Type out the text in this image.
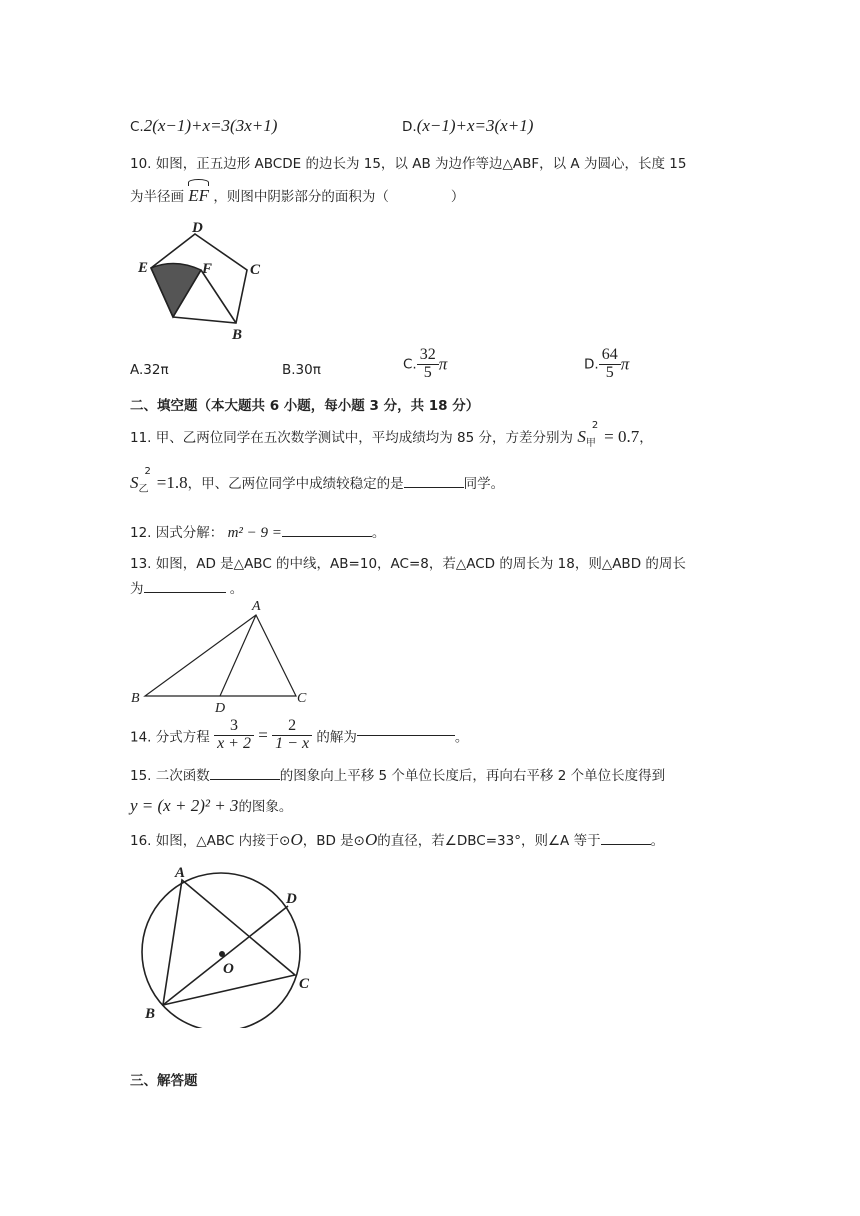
C.2(x−1)+x=3(3x+1)	D.(x−1)+x=3(x+1)
10. 如图，正五边形 ABCDE 的边长为 15，以 AB 为边作等边△ABF，以 A 为圆心，长度 15
为半径画 EF ，则图中阴影部分的面积为（	）
D
E	F	C
B
A.32π	B.30π	C. $\frac{32}{5}$ π	D. $\frac{64}{5}$ π
二、填空题（本大题共 6 小题，每小题 3 分，共 18 分）
11. 甲、乙两位同学在五次数学测试中，平均成绩均为 85 分，方差分别为 S
2
甲 = 0.7，
S
2
乙 =1.8，甲、乙两位同学中成绩较稳定的是	同学。
12. 因式分解： m² − 9 =	。
13. 如图，AD 是△ABC 的中线，AB=10，AC=8，若△ACD 的周长为 18，则△ABD 的周长
为	。
A
B
D
C
14. 分式方程 $\frac{3}{x + 2} = \frac{2}{1 - x}$ 的解为	。
15. 二次函数	的图象向上平移 5 个单位长度后，再向右平移 2 个单位长度得到
y = (x + 2)² + 3的图象。
16. 如图，△ABC 内接于⊙O，BD 是⊙O的直径，若∠DBC=33°，则∠A 等于	。
A
D
O
B
C
三、解答题
